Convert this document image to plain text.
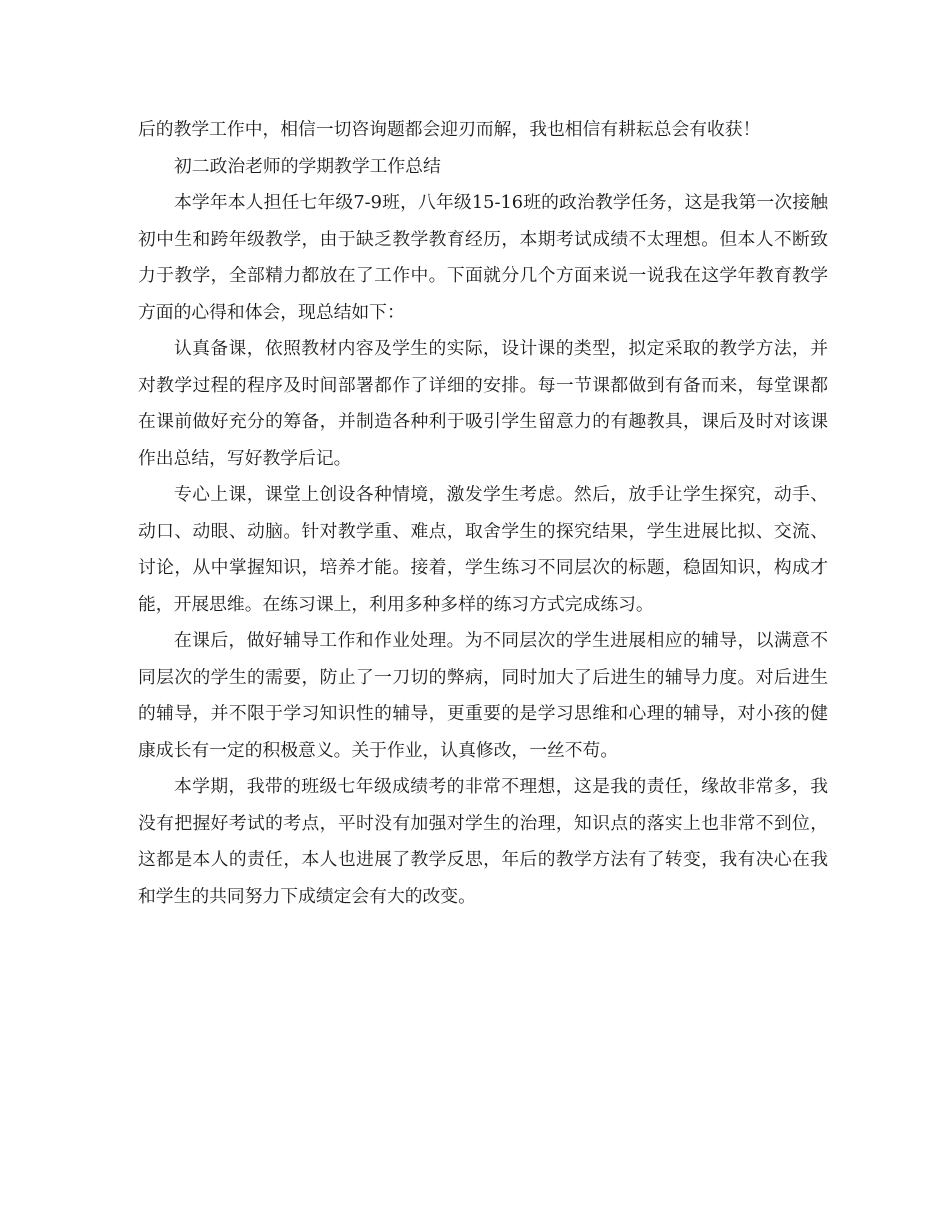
后的教学工作中，相信一切咨询题都会迎刃而解，我也相信有耕耘总会有收获！

初二政治老师的学期教学工作总结

本学年本人担任七年级7-9班，八年级15-16班的政治教学任务，这是我第一次接触初中生和跨年级教学，由于缺乏教学教育经历，本期考试成绩不太理想。但本人不断致力于教学，全部精力都放在了工作中。下面就分几个方面来说一说我在这学年教育教学方面的心得和体会，现总结如下：

认真备课，依照教材内容及学生的实际，设计课的类型，拟定采取的教学方法，并对教学过程的程序及时间部署都作了详细的安排。每一节课都做到有备而来，每堂课都在课前做好充分的筹备，并制造各种利于吸引学生留意力的有趣教具，课后及时对该课作出总结，写好教学后记。

专心上课，课堂上创设各种情境，激发学生考虑。然后，放手让学生探究，动手、动口、动眼、动脑。针对教学重、难点，取舍学生的探究结果，学生进展比拟、交流、讨论，从中掌握知识，培养才能。接着，学生练习不同层次的标题，稳固知识，构成才能，开展思维。在练习课上，利用多种多样的练习方式完成练习。

在课后，做好辅导工作和作业处理。为不同层次的学生进展相应的辅导，以满意不同层次的学生的需要，防止了一刀切的弊病，同时加大了后进生的辅导力度。对后进生的辅导，并不限于学习知识性的辅导，更重要的是学习思维和心理的辅导，对小孩的健康成长有一定的积极意义。关于作业，认真修改，一丝不苟。

本学期，我带的班级七年级成绩考的非常不理想，这是我的责任，缘故非常多，我没有把握好考试的考点，平时没有加强对学生的治理，知识点的落实上也非常不到位，这都是本人的责任，本人也进展了教学反思，年后的教学方法有了转变，我有决心在我和学生的共同努力下成绩定会有大的改变。
